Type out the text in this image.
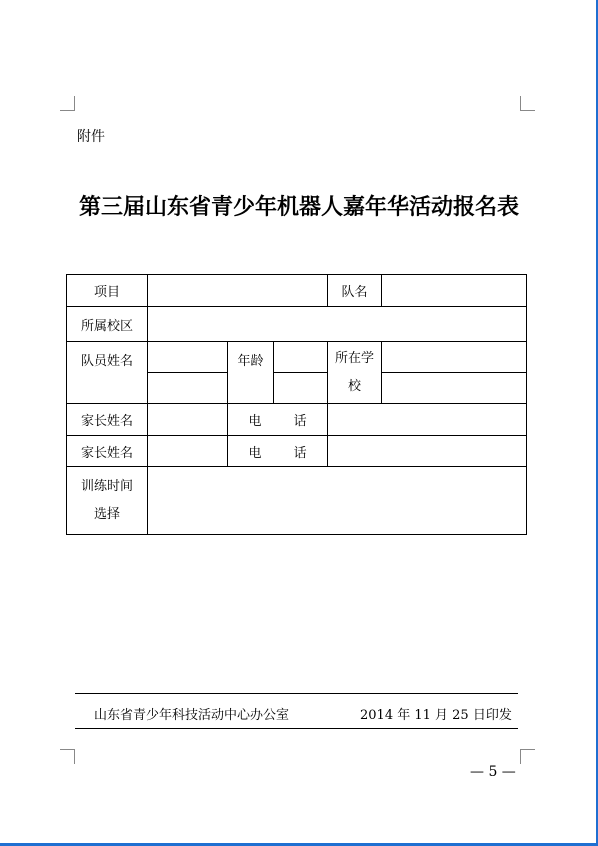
附件
第三届山东省青少年机器人嘉年华活动报名表
项目				队名	
所属校区					
队员姓名		年龄		所在学
校	

家长姓名		电 话			
家长姓名		电 话			

训练时间
选择					

山东省青少年科技活动中心办公室	2014 年 11 月 25 日印发
— 5 —
